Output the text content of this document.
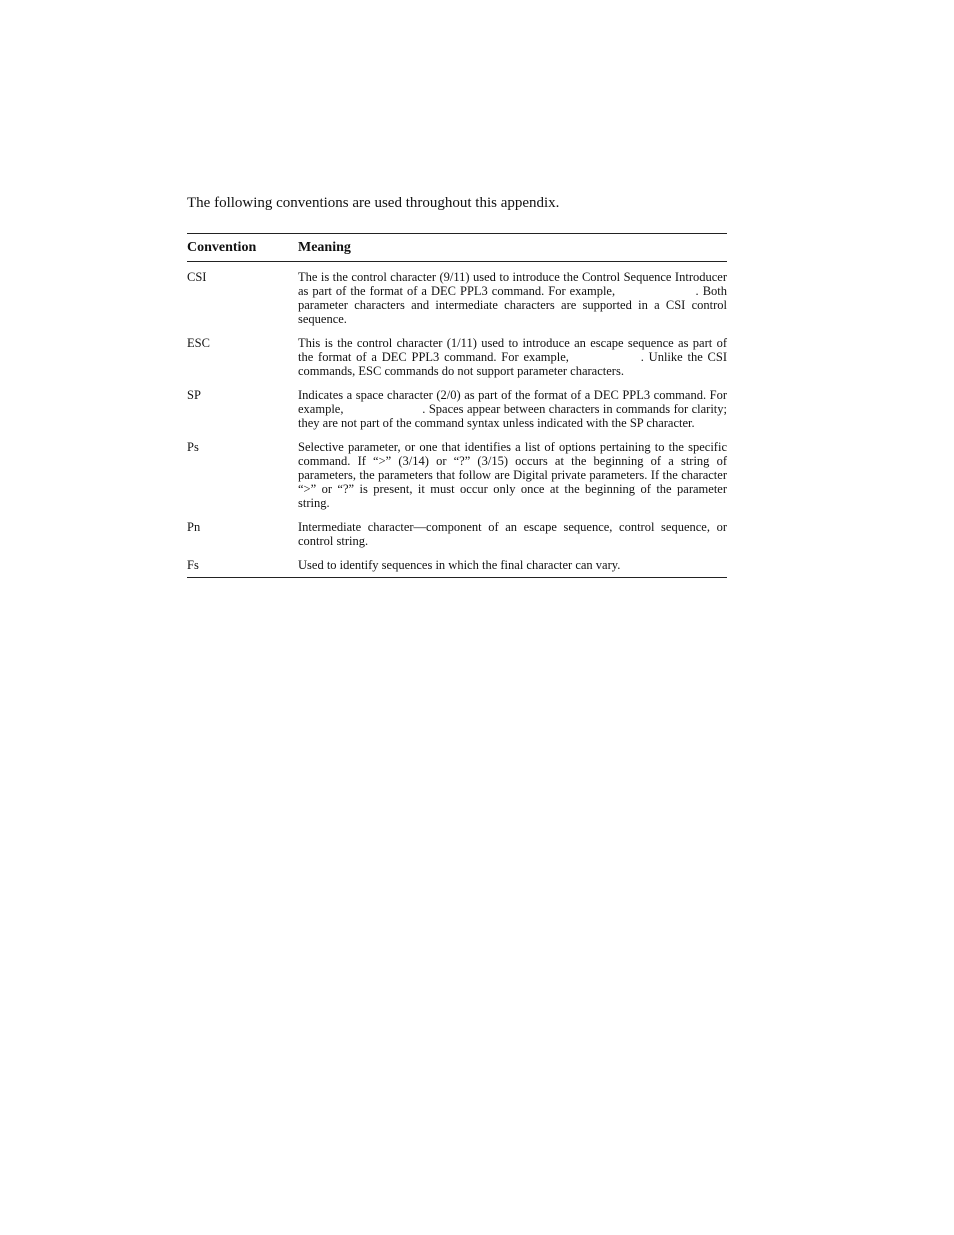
The following conventions are used throughout this appendix.
Convention	Meaning
CSI	The is the control character (9/11) used to introduce the Control Sequence Introducer as part of the format of a DEC PPL3 command. For example,                    . Both parameter characters and intermediate characters are supported in a CSI control sequence.
ESC	This is the control character (1/11) used to introduce an escape sequence as part of the format of a DEC PPL3 command. For example,               . Unlike the CSI commands, ESC commands do not support parameter characters.
SP	Indicates a space character (2/0) as part of the format of a DEC PPL3 command. For example,                       . Spaces appear between characters in commands for clarity; they are not part of the command syntax unless indicated with the SP character.
Ps	Selective parameter, or one that identifies a list of options pertaining to the specific command. If “>” (3/14) or “?” (3/15) occurs at the beginning of a string of parameters, the parameters that follow are Digital private parameters. If the character “>” or “?” is present, it must occur only once at the beginning of the parameter string.
Pn	Intermediate character—component of an escape sequence, control sequence, or control string.
Fs	Used to identify sequences in which the final character can vary.
